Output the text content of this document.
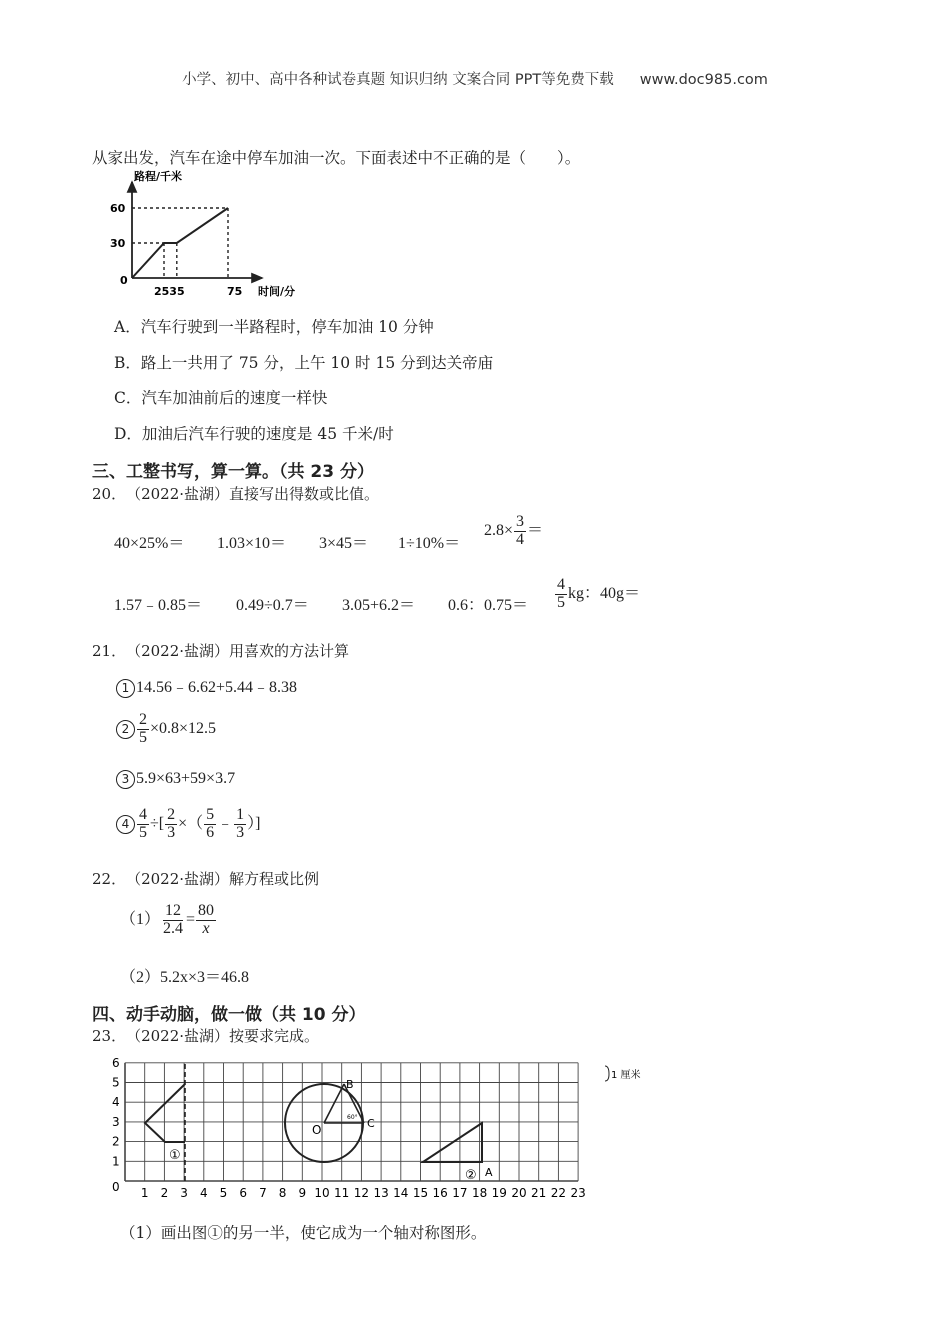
小学、初中、高中各种试卷真题 知识归纳 文案合同 PPT等免费下载 www.doc985.com
从家出发，汽车在途中停车加油一次。下面表述中不正确的是（　　）。
路程/千米
时间/分
60
30
0
2535	75
A．汽车行驶到一半路程时，停车加油 10 分钟
B．路上一共用了 75 分，上午 10 时 15 分到达关帝庙
C．汽车加油前后的速度一样快
D．加油后汽车行驶的速度是 45 千米/时
三、工整书写，算一算。（共 23 分）
20．　（2022·盐湖）直接写出得数或比值。
40×25%＝ 1.03×10＝ 3×45＝ 1÷10%＝
$2.8\times \frac{3}{4}$ ＝
1.57﹣0.85＝ 0.49÷0.7＝ 3.05+6.2＝ 0.6：$0.75= \frac{4}{5}$ kg：40g＝
21．　（2022·盐湖）用喜欢的方法计算
1 14.56﹣6.62+5.44﹣8.38
$2 \frac{2}{5} \times 0.8\times 12.5$
3 5.9×63+59×3.7
$4 \frac{4}{5}$ ÷[ $\frac{2}{3}$ ×（ $\frac{5}{6}$ ﹣ $\frac{1}{3}$ ）]
22．　（2022·盐湖）解方程或比例
$(1) \frac{12}{2.4} = \frac{80}{x}$
（2）5.2x×3＝46.8
四、动手动脑，做一做（共 10 分）
23．　（2022·盐湖）按要求完成。
1 2 3 4 5 6 7 8 9 10 11 12 13 14 15 16 17 18 19 20 21 22 23
0
1
2
3
4
5
6
①
O
B
C
60°
② A
1 厘米
（1）画出图①的另一半，使它成为一个轴对称图形。
